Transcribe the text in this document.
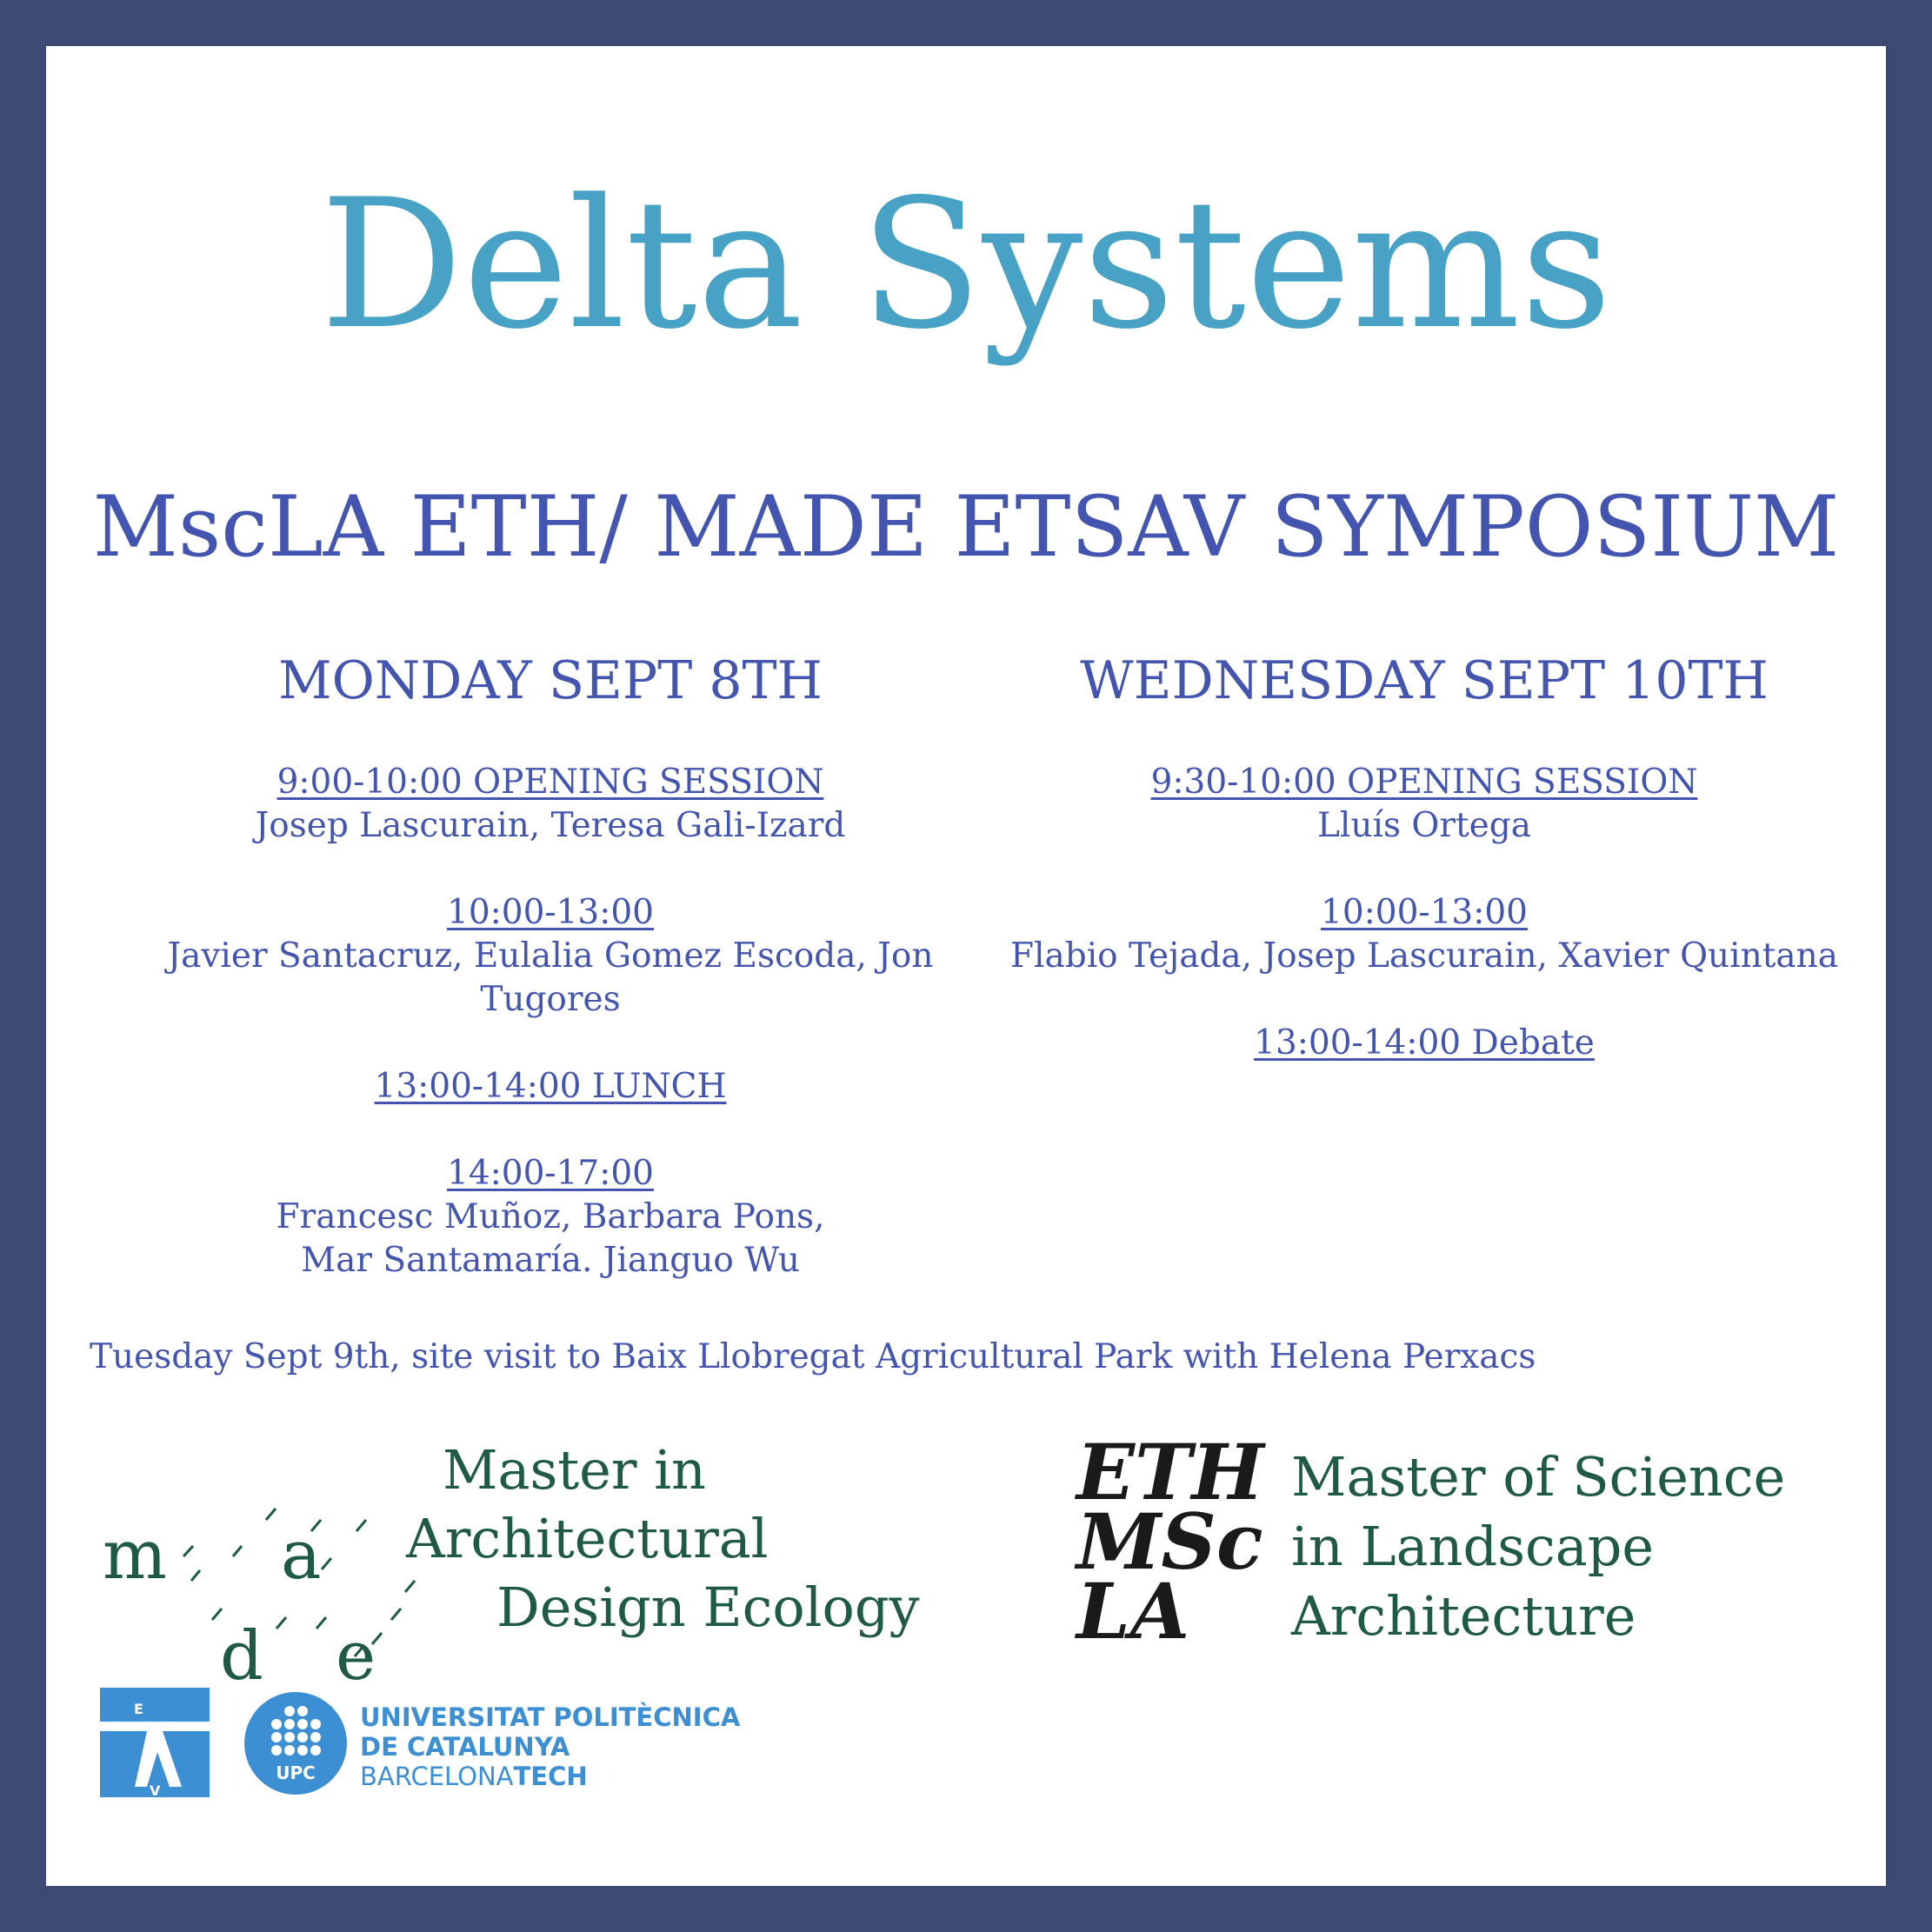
Delta Systems
MscLA ETH/ MADE ETSAV SYMPOSIUM
MONDAY SEPT 8TH
9:00-10:00 OPENING SESSION
Josep Lascurain, Teresa Gali-Izard
10:00-13:00
Javier Santacruz, Eulalia Gomez Escoda, Jon Tugores
13:00-14:00 LUNCH
14:00-17:00
Francesc Muñoz, Barbara Pons, Mar Santamaría. Jianguo Wu
WEDNESDAY SEPT 10TH
9:30-10:00 OPENING SESSION
Lluís Ortega
10:00-13:00
Flabio Tejada, Josep Lascurain, Xavier Quintana
13:00-14:00 Debate
Tuesday Sept 9th, site visit to Baix Llobregat Agricultural Park with Helena Perxacs
m a
d e
Master in
Architectural
Design Ecology
ETH
MSc
LA
Master of Science
in Landscape
Architecture
E
V
UPC
UNIVERSITAT POLITÈCNICA
DE CATALUNYA
BARCELONATECH
